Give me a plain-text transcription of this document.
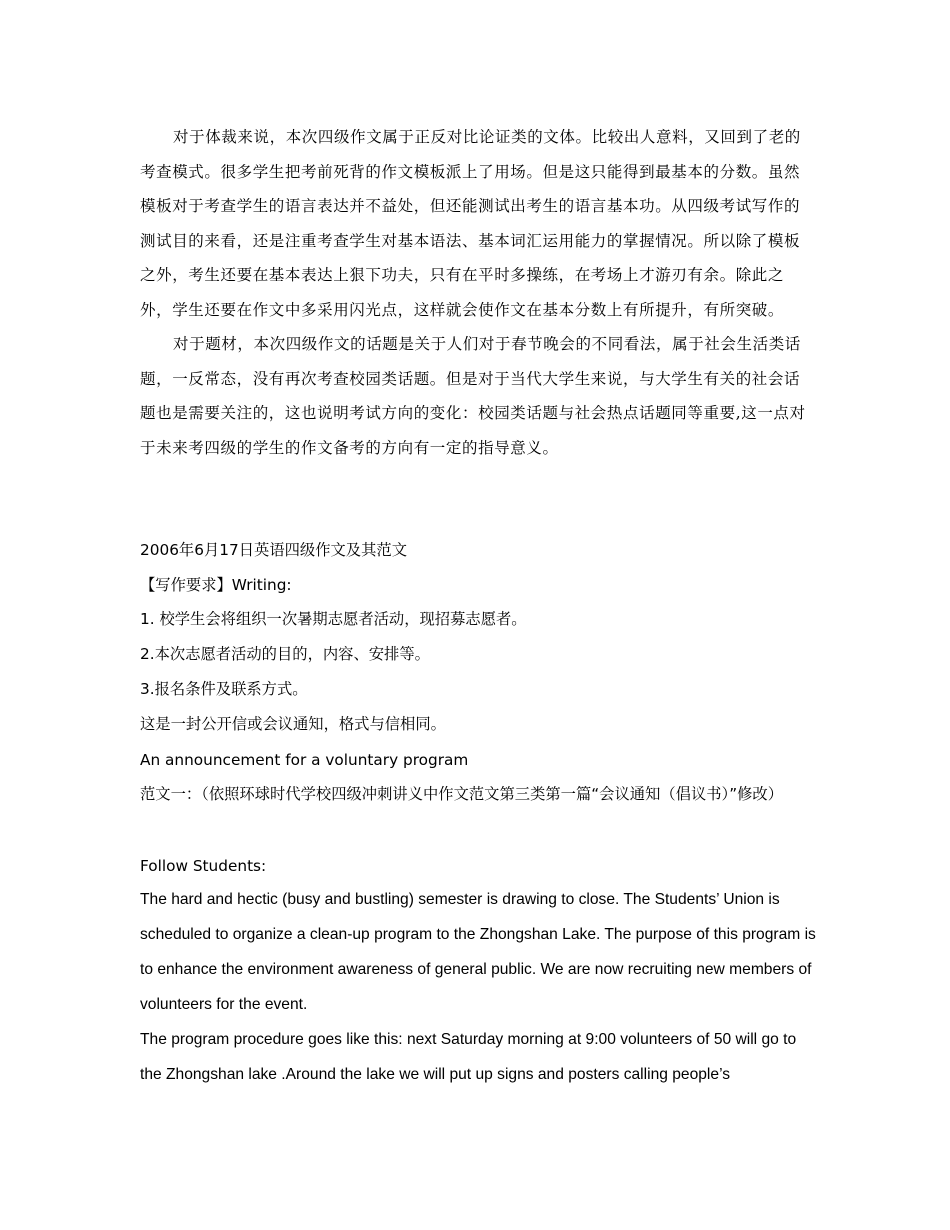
对于体裁来说，本次四级作文属于正反对比论证类的文体。比较出人意料，又回到了老的考查模式。很多学生把考前死背的作文模板派上了用场。但是这只能得到最基本的分数。虽然模板对于考查学生的语言表达并不益处，但还能测试出考生的语言基本功。从四级考试写作的测试目的来看，还是注重考查学生对基本语法、基本词汇运用能力的掌握情况。所以除了模板之外，考生还要在基本表达上狠下功夫，只有在平时多操练，在考场上才游刃有余。除此之外，学生还要在作文中多采用闪光点，这样就会使作文在基本分数上有所提升，有所突破。

对于题材，本次四级作文的话题是关于人们对于春节晚会的不同看法，属于社会生活类话题，一反常态，没有再次考查校园类话题。但是对于当代大学生来说，与大学生有关的社会话题也是需要关注的，这也说明考试方向的变化：校园类话题与社会热点话题同等重要,这一点对于未来考四级的学生的作文备考的方向有一定的指导意义。

2006年6月17日英语四级作文及其范文
【写作要求】Writing:
1. 校学生会将组织一次暑期志愿者活动，现招募志愿者。
2.本次志愿者活动的目的，内容、安排等。
3.报名条件及联系方式。
这是一封公开信或会议通知，格式与信相同。
An announcement for a voluntary program
范文一：（依照环球时代学校四级冲刺讲义中作文范文第三类第一篇“会议通知（倡议书）”修改）
Follow Students:

The hard and hectic (busy and bustling) semester is drawing to close. The Students’ Union is scheduled to organize a clean-up program to the Zhongshan Lake. The purpose of this program is to enhance the environment awareness of general public. We are now recruiting new members of volunteers for the event.

The program procedure goes like this: next Saturday morning at 9:00 volunteers of 50 will go to the Zhongshan lake .Around the lake we will put up signs and posters calling people’s
